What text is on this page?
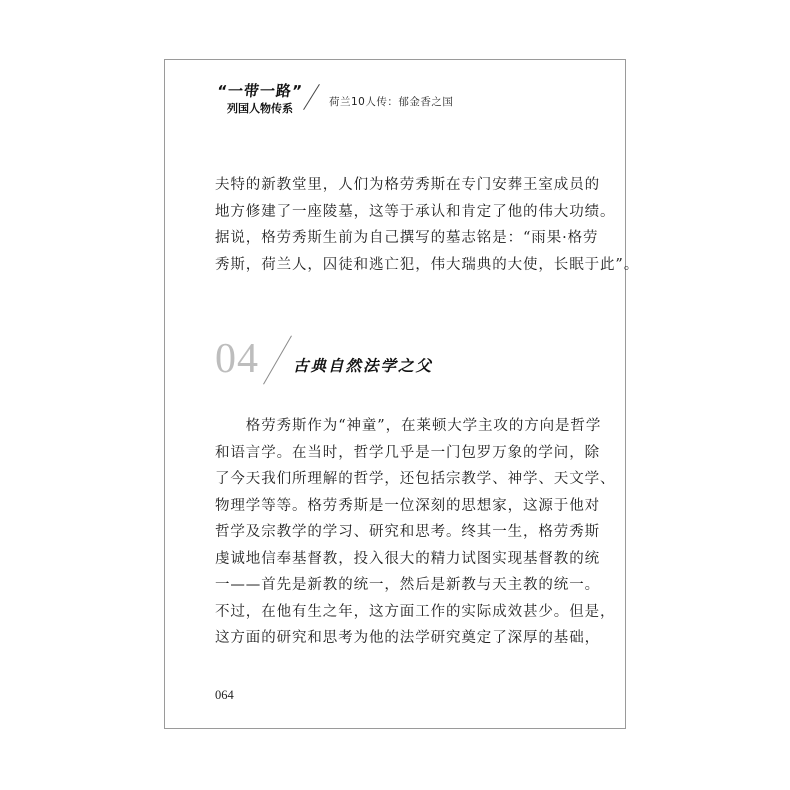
“一带一路”
列国人物传系	荷兰10人传：郁金香之国
夫特的新教堂里，人们为格劳秀斯在专门安葬王室成员的
地方修建了一座陵墓，这等于承认和肯定了他的伟大功绩。
据说，格劳秀斯生前为自己撰写的墓志铭是：“雨果·格劳
秀斯，荷兰人，囚徒和逃亡犯，伟大瑞典的大使，长眠于此”。
04 古典自然法学之父
　　格劳秀斯作为“神童”，在莱顿大学主攻的方向是哲学
和语言学。在当时，哲学几乎是一门包罗万象的学问，除
了今天我们所理解的哲学，还包括宗教学、神学、天文学、
物理学等等。格劳秀斯是一位深刻的思想家，这源于他对
哲学及宗教学的学习、研究和思考。终其一生，格劳秀斯
虔诚地信奉基督教，投入很大的精力试图实现基督教的统
一——首先是新教的统一，然后是新教与天主教的统一。
不过，在他有生之年，这方面工作的实际成效甚少。但是，
这方面的研究和思考为他的法学研究奠定了深厚的基础，
064
